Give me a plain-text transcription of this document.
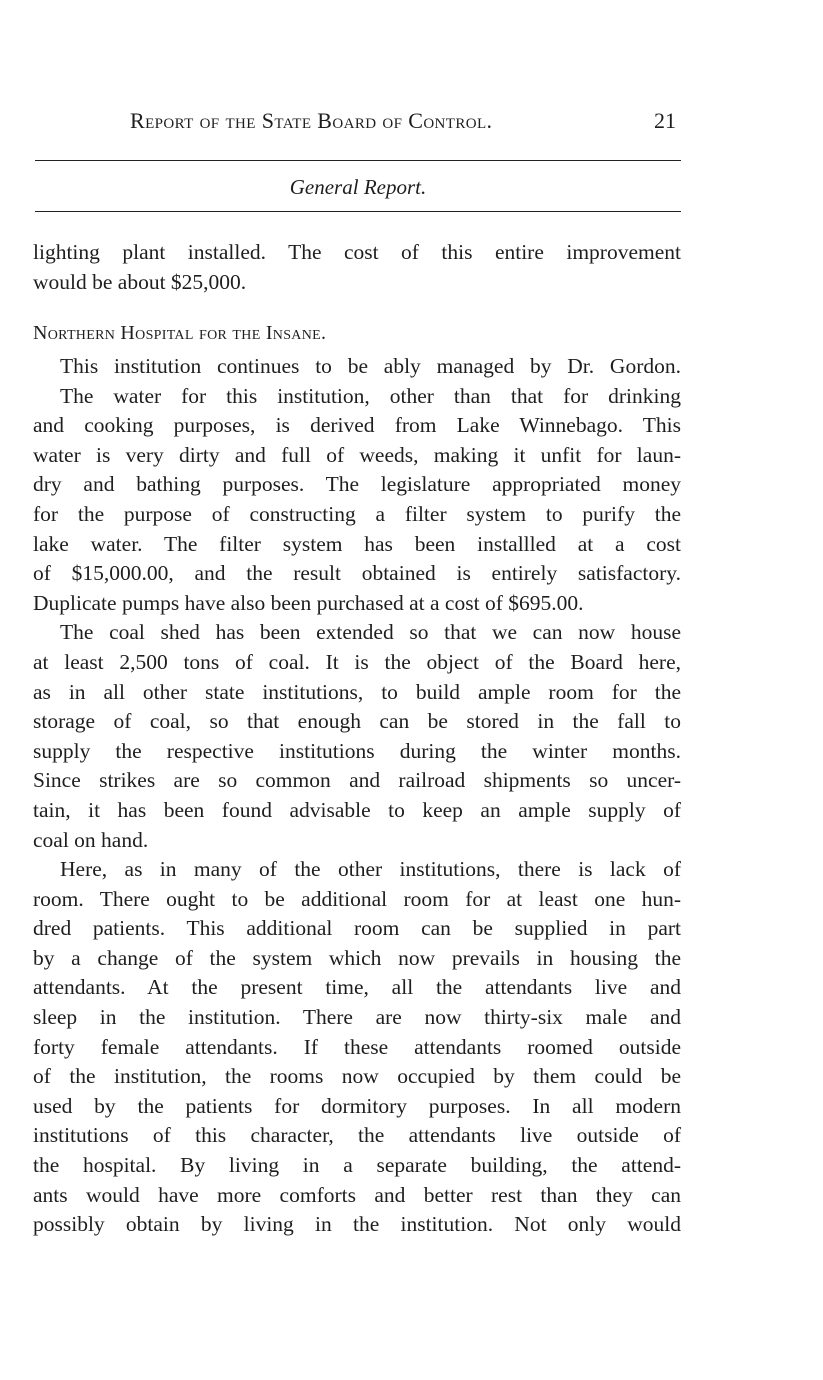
Report of the State Board of Control.	21
General Report.
lighting plant installed. The cost of this entire improvement
would be about $25,000.
Northern Hospital for the Insane.
This institution continues to be ably managed by Dr. Gordon.
The water for this institution, other than that for drinking
and cooking purposes, is derived from Lake Winnebago. This
water is very dirty and full of weeds, making it unfit for laun-
dry and bathing purposes. The legislature appropriated money
for the purpose of constructing a filter system to purify the
lake water. The filter system has been installled at a cost
of $15,000.00, and the result obtained is entirely satisfactory.
Duplicate pumps have also been purchased at a cost of $695.00.
The coal shed has been extended so that we can now house
at least 2,500 tons of coal. It is the object of the Board here,
as in all other state institutions, to build ample room for the
storage of coal, so that enough can be stored in the fall to
supply the respective institutions during the winter months.
Since strikes are so common and railroad shipments so uncer-
tain, it has been found advisable to keep an ample supply of
coal on hand.
Here, as in many of the other institutions, there is lack of
room. There ought to be additional room for at least one hun-
dred patients. This additional room can be supplied in part
by a change of the system which now prevails in housing the
attendants. At the present time, all the attendants live and
sleep in the institution. There are now thirty-six male and
forty female attendants. If these attendants roomed outside
of the institution, the rooms now occupied by them could be
used by the patients for dormitory purposes. In all modern
institutions of this character, the attendants live outside of
the hospital. By living in a separate building, the attend-
ants would have more comforts and better rest than they can
possibly obtain by living in the institution. Not only would
